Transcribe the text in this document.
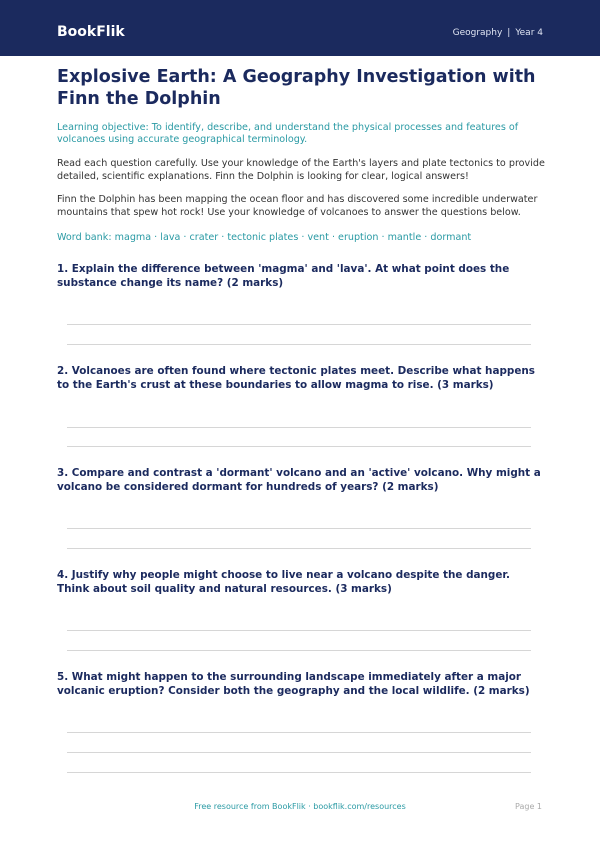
BookFlik	Geography | Year 4
Explosive Earth: A Geography Investigation with Finn the Dolphin
Learning objective: To identify, describe, and understand the physical processes and features of volcanoes using accurate geographical terminology.
Read each question carefully. Use your knowledge of the Earth's layers and plate tectonics to provide detailed, scientific explanations. Finn the Dolphin is looking for clear, logical answers!
Finn the Dolphin has been mapping the ocean floor and has discovered some incredible underwater mountains that spew hot rock! Use your knowledge of volcanoes to answer the questions below.
Word bank: magma · lava · crater · tectonic plates · vent · eruption · mantle · dormant
1. Explain the difference between 'magma' and 'lava'. At what point does the substance change its name? (2 marks)
2. Volcanoes are often found where tectonic plates meet. Describe what happens to the Earth's crust at these boundaries to allow magma to rise. (3 marks)
3. Compare and contrast a 'dormant' volcano and an 'active' volcano. Why might a volcano be considered dormant for hundreds of years? (2 marks)
4. Justify why people might choose to live near a volcano despite the danger. Think about soil quality and natural resources. (3 marks)
5. What might happen to the surrounding landscape immediately after a major volcanic eruption? Consider both the geography and the local wildlife. (2 marks)
Free resource from BookFlik · bookflik.com/resources	Page 1
